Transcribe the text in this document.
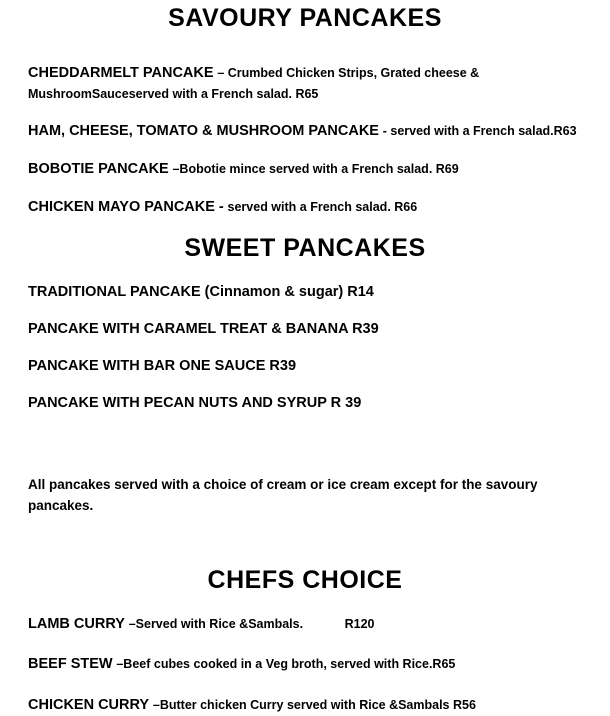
SAVOURY PANCAKES
CHEDDARMELT PANCAKE – Crumbed Chicken Strips, Grated cheese & MushroomSauceserved with a French salad. R65
HAM, CHEESE, TOMATO & MUSHROOM PANCAKE - served with a French salad.R63
BOBOTIE PANCAKE –Bobotie mince served with a French salad. R69
CHICKEN MAYO PANCAKE - served with a French salad. R66
SWEET PANCAKES
TRADITIONAL PANCAKE (Cinnamon & sugar) R14
PANCAKE WITH CARAMEL TREAT & BANANA R39
PANCAKE WITH BAR ONE SAUCE R39
PANCAKE WITH PECAN NUTS AND SYRUP R 39
All pancakes served with a choice of cream or ice cream except for the savoury pancakes.
CHEFS CHOICE
LAMB CURRY –Served with Rice &Sambals.	R120
BEEF STEW –Beef cubes cooked in a Veg broth, served with Rice.R65
CHICKEN CURRY –Butter chicken Curry served with Rice &Sambals R56
